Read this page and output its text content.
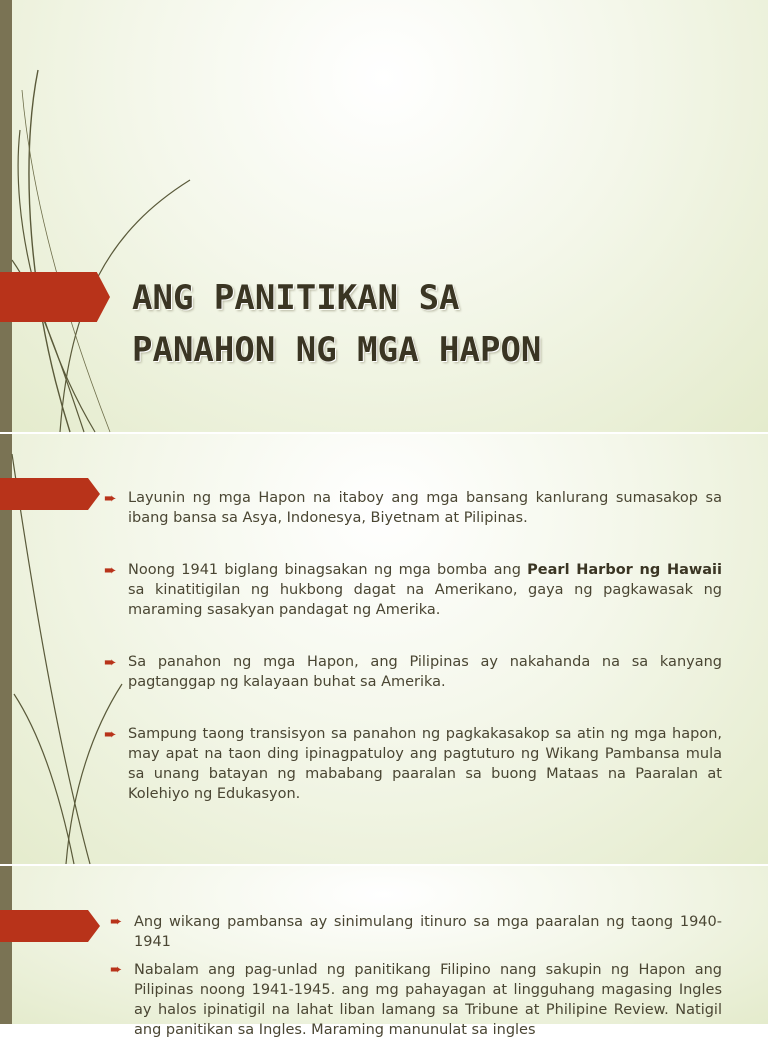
ANG PANITIKAN SA
PANAHON NG MGA HAPON
➨ Layunin ng mga Hapon na itaboy ang mga bansang kanlurang sumasakop sa ibang bansa sa Asya, Indonesya, Biyetnam at Pilipinas.
➨ Noong 1941 biglang binagsakan ng mga bomba ang Pearl Harbor ng Hawaii sa kinatitigilan ng hukbong dagat na Amerikano, gaya ng pagkawasak ng maraming sasakyan pandagat ng Amerika.
➨ Sa panahon ng mga Hapon, ang Pilipinas ay nakahanda na sa kanyang pagtanggap ng kalayaan buhat sa Amerika.
➨ Sampung taong transisyon sa panahon ng pagkakasakop sa atin ng mga hapon, may apat na taon ding ipinagpatuloy ang pagtuturo ng Wikang Pambansa mula sa unang batayan ng mababang paaralan sa buong Mataas na Paaralan at Kolehiyo ng Edukasyon.
➨ Ang wikang pambansa ay sinimulang itinuro sa mga paaralan ng taong 1940-1941
➨ Nabalam ang pag-unlad ng panitikang Filipino nang sakupin ng Hapon ang Pilipinas noong 1941-1945. ang mg pahayagan at lingguhang magasing Ingles ay halos ipinatigil na lahat liban lamang sa Tribune at Philipine Review. Natigil ang panitikan sa Ingles. Maraming manunulat sa ingles
